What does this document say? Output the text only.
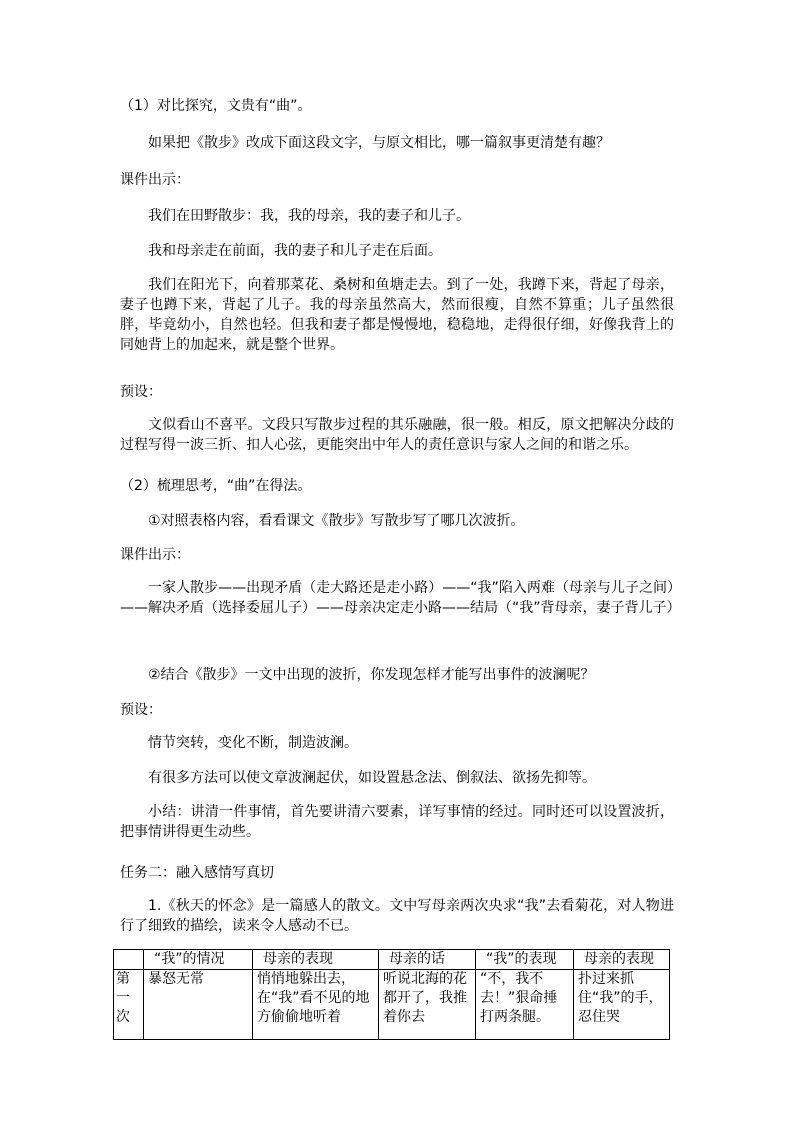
（1）对比探究，文贵有“曲”。
如果把《散步》改成下面这段文字，与原文相比，哪一篇叙事更清楚有趣？
课件出示：
我们在田野散步：我，我的母亲，我的妻子和儿子。
我和母亲走在前面，我的妻子和儿子走在后面。
我们在阳光下，向着那菜花、桑树和鱼塘走去。到了一处，我蹲下来，背起了母亲，妻子也蹲下来，背起了儿子。我的母亲虽然高大，然而很瘦，自然不算重；儿子虽然很胖，毕竟幼小，自然也轻。但我和妻子都是慢慢地，稳稳地，走得很仔细，好像我背上的同她背上的加起来，就是整个世界。
预设：
文似看山不喜平。文段只写散步过程的其乐融融，很一般。相反，原文把解决分歧的过程写得一波三折、扣人心弦，更能突出中年人的责任意识与家人之间的和谐之乐。
（2）梳理思考，“曲”在得法。
①对照表格内容，看看课文《散步》写散步写了哪几次波折。
课件出示：
一家人散步——出现矛盾（走大路还是走小路）——“我”陷入两难（母亲与儿子之间）——解决矛盾（选择委屈儿子）——母亲决定走小路——结局（“我”背母亲，妻子背儿子）
②结合《散步》一文中出现的波折，你发现怎样才能写出事件的波澜呢？
预设：
情节突转，变化不断，制造波澜。
有很多方法可以使文章波澜起伏，如设置悬念法、倒叙法、欲扬先抑等。
小结：讲清一件事情，首先要讲清六要素，详写事情的经过。同时还可以设置波折，把事情讲得更生动些。
任务二：融入感情写真切
1.《秋天的怀念》是一篇感人的散文。文中写母亲两次央求“我”去看菊花，对人物进行了细致的描绘，读来令人感动不已。
	“我”的情况	母亲的表现	母亲的话	“我”的表现	母亲的表现
第一次	暴怒无常	悄悄地躲出去，在“我”看不见的地方偷偷地听着	听说北海的花都开了，我推着你去	“不，我不去！”狠命捶打两条腿。	扑过来抓住“我”的手，忍住哭
